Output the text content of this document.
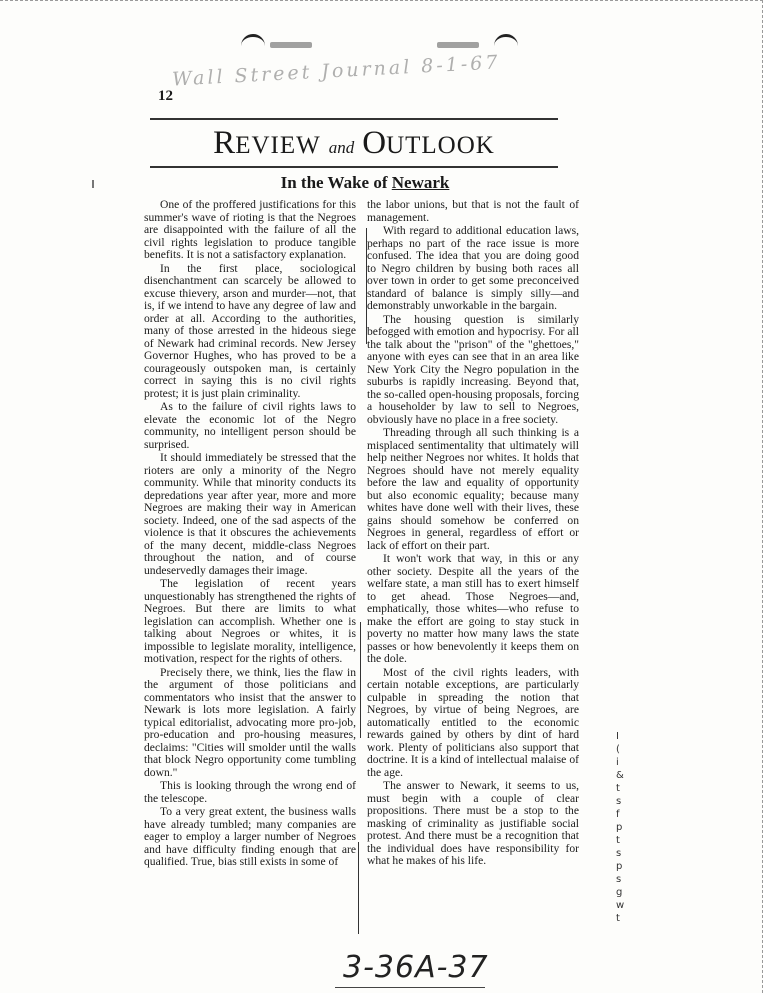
Wall Street Journal 8-1-67
12
REVIEW and OUTLOOK
In the Wake of Newark

One of the proffered justifications for this summer's wave of rioting is that the Negroes are disappointed with the failure of all the civil rights legislation to produce tangible benefits. It is not a satisfactory explanation.

In the first place, sociological disenchantment can scarcely be allowed to excuse thievery, arson and murder—not, that is, if we intend to have any degree of law and order at all. According to the authorities, many of those arrested in the hideous siege of Newark had criminal records. New Jersey Governor Hughes, who has proved to be a courageously outspoken man, is certainly correct in saying this is no civil rights protest; it is just plain criminality.

As to the failure of civil rights laws to elevate the economic lot of the Negro community, no intelligent person should be surprised.

It should immediately be stressed that the rioters are only a minority of the Negro community. While that minority conducts its depredations year after year, more and more Negroes are making their way in American society. Indeed, one of the sad aspects of the violence is that it obscures the achievements of the many decent, middle-class Negroes throughout the nation, and of course undeservedly damages their image.

The legislation of recent years unquestionably has strengthened the rights of Negroes. But there are limits to what legislation can accomplish. Whether one is talking about Negroes or whites, it is impossible to legislate morality, intelligence, motivation, respect for the rights of others.

Precisely there, we think, lies the flaw in the argument of those politicians and commentators who insist that the answer to Newark is lots more legislation. A fairly typical editorialist, advocating more pro-job, pro-education and pro-housing measures, declaims: "Cities will smolder until the walls that block Negro opportunity come tumbling down."

This is looking through the wrong end of the telescope.

To a very great extent, the business walls have already tumbled; many companies are eager to employ a larger number of Negroes and have difficulty finding enough that are qualified. True, bias still exists in some of

the labor unions, but that is not the fault of management.

With regard to additional education laws, perhaps no part of the race issue is more confused. The idea that you are doing good to Negro children by busing both races all over town in order to get some preconceived standard of balance is simply silly—and demonstrably unworkable in the bargain.

The housing question is similarly befogged with emotion and hypocrisy. For all the talk about the "prison" of the "ghettoes," anyone with eyes can see that in an area like New York City the Negro population in the suburbs is rapidly increasing. Beyond that, the so-called open-housing proposals, forcing a householder by law to sell to Negroes, obviously have no place in a free society.

Threading through all such thinking is a misplaced sentimentality that ultimately will help neither Negroes nor whites. It holds that Negroes should have not merely equality before the law and equality of opportunity but also economic equality; because many whites have done well with their lives, these gains should somehow be conferred on Negroes in general, regardless of effort or lack of effort on their part.

It won't work that way, in this or any other society. Despite all the years of the welfare state, a man still has to exert himself to get ahead. Those Negroes—and, emphatically, those whites—who refuse to make the effort are going to stay stuck in poverty no matter how many laws the state passes or how benevolently it keeps them on the dole.

Most of the civil rights leaders, with certain notable exceptions, are particularly culpable in spreading the notion that Negroes, by virtue of being Negroes, are automatically entitled to the economic rewards gained by others by dint of hard work. Plenty of politicians also support that doctrine. It is a kind of intellectual malaise of the age.

The answer to Newark, it seems to us, must begin with a couple of clear propositions. There must be a stop to the masking of criminality as justifiable social protest. And there must be a recognition that the individual does have responsibility for what he makes of his life.

I
(
i
&
t
s
f
p
t
s
p
s
g
w
t
3-36A-37
